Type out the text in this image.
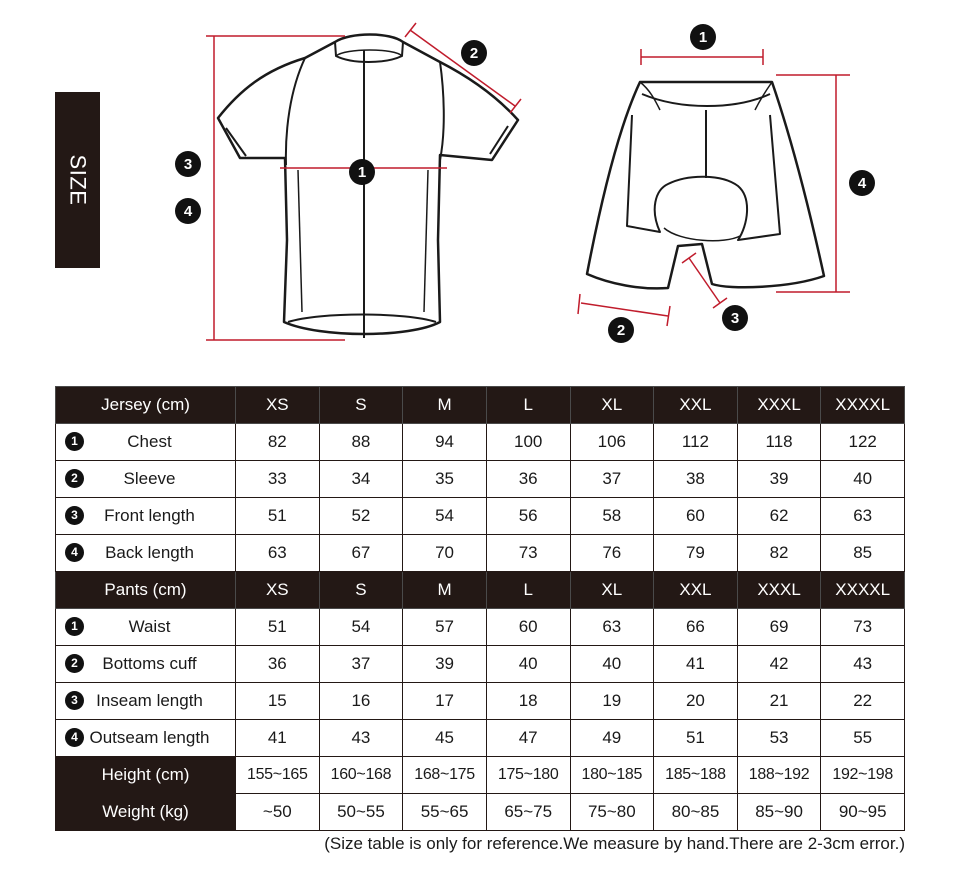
SIZE	1
2
3
4
1
2
3
4
Jersey (cm)	XS	S	M	L	XL	XXL	XXXL	XXXXL

1 Chest	82	88	94	100	106	112	118	122

2 Sleeve	33	34	35	36	37	38	39	40

3 Front length	51	52	54	56	58	60	62	63

4 Back length	63	67	70	73	76	79	82	85
Pants (cm)	XS	S	M	L	XL	XXL	XXXL	XXXXL

1 Waist	51	54	57	60	63	66	69	73

2 Bottoms cuff	36	37	39	40	40	41	42	43

3 Inseam length	15	16	17	18	19	20	21	22

4 Outseam length	41	43	45	47	49	51	53	55
Height (cm)	155~165	160~168	168~175	175~180	180~185	185~188	188~192	192~198
Weight (kg)	~50	50~55	55~65	65~75	75~80	80~85	85~90	90~95
(Size table is only for reference.We measure by hand.There are 2-3cm error.)
